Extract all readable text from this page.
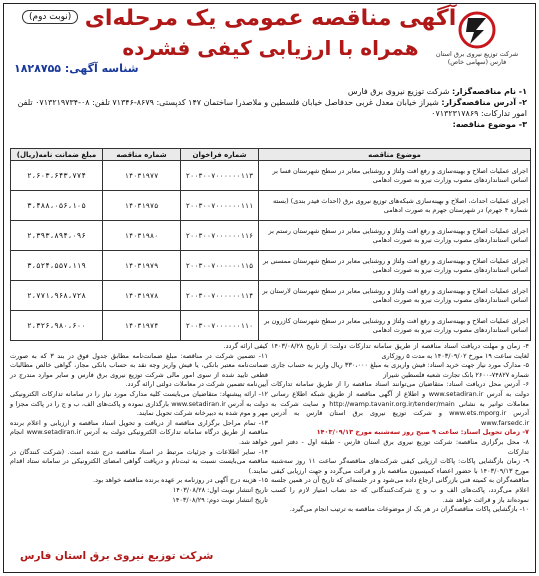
شرکت توزیع نیروی برق استان فارس (سهامی خاص)
آگهی مناقصه عمومی یک مرحله‌ای
همراه با ارزیابی کیفی فشرده
(نوبت دوم)
شناسه آگهی: ۱۸۲۸۷۵۵
۱- نام مناقصه‌گزار: شرکت توزیع نیروی برق فارس
۲- آدرس مناقصه‌گزار: شیراز خیابان معدل غربی حدفاصل خیابان فلسطین و ملاصدرا ساختمان ۱۴۷ کدپستی: ۸۶۷۹-۷۱۳۴۶ تلفن: ۰۸-۰۷۱۳۲۱۹۷۳۴ تلفن امور تدارکات: ۰۷۱۳۲۳۱۷۸۶۹
۳- موضوع مناقصه:
موضوع مناقصه	شماره فراخوان	شماره مناقصه	مبلغ ضمانت نامه(ریال)
اجرای عملیات اصلاح و بهینه‌سازی و رفع افت ولتاژ و روشنایی معابر در سطح شهرستان فسا بر اساس استانداردهای مصوب وزارت نیرو به صورت ادهامی	۲۰۰۳۰۰۷۰۰۰۰۰۰۱۱۳	۱۴۰۳۱۹۷۷	۲،۶۰۳،۶۴۳،۷۷۴
اجرای عملیات احداث، اصلاح و بهینه‌سازی شبکه‌های توزیع نیروی برق (احداث فیدر بندی) (بسته شماره ۴ جهرم) در شهرستان جهرم به صورت ادهامی	۲۰۰۳۰۰۷۰۰۰۰۰۰۱۱۱	۱۴۰۳۱۹۷۵	۳،۴۸۸،۰۵۶،۱۰۵
اجرای عملیات اصلاح و بهینه‌سازی و رفع افت ولتاژ و روشنایی معابر در سطح شهرستان رستم بر اساس استانداردهای مصوب وزارت نیرو به صورت ادهامی	۲۰۰۳۰۰۷۰۰۰۰۰۰۱۱۶	۱۴۰۳۱۹۸۰	۲،۳۹۳،۸۹۴،۰۹۶
اجرای عملیات اصلاح و بهینه‌سازی و رفع افت ولتاژ و روشنایی معابر در سطح شهرستان ممسنی بر اساس استانداردهای مصوب وزارت نیرو به صورت ادهامی	۲۰۰۳۰۰۷۰۰۰۰۰۰۱۱۵	۱۴۰۳۱۹۷۹	۳،۵۲۴،۵۵۷،۱۱۹
اجرای عملیات اصلاح و بهینه‌سازی و رفع افت ولتاژ و روشنایی معابر در سطح شهرستان لارستان بر اساس استانداردهای مصوب وزارت نیرو به صورت ادهامی	۲۰۰۳۰۰۷۰۰۰۰۰۰۱۱۴	۱۴۰۳۱۹۷۸	۲،۷۷۱،۹۶۸،۷۲۸
اجرای عملیات اصلاح و بهینه‌سازی و رفع افت ولتاژ و روشنایی معابر در سطح شهرستان کازرون بر اساس استانداردهای مصوب وزارت نیرو به صورت ادهامی	۲۰۰۳۰۰۷۰۰۰۰۰۰۱۱۰	۱۴۰۳۱۹۷۴	۲،۳۲۶،۹۸۰،۶۰۰

۴- زمان و مهلت دریافت اسناد مناقصه از طریق سامانه تدارکات دولت: از تاریخ ۱۴۰۳/۰۸/۲۸ لغایت ساعت ۱۹ مورخ ۱۴۰۳/۰۹/۰۲ به مدت ۵ روزکاری

۵- مدارک مورد نیاز جهت خرید اسناد: فیش واریزی به مبلغ ۳۳۰،۰۰۰ ریال واریز به حساب جاری شماره ۷۴۸۲۷-۲۶۰۰ بانک تجارت شعبه فلسطین شیراز

۶- آدرس محل دریافت اسناد: متقاضیان می‌توانند اسناد مناقصه را از طریق سامانه تدارکات دولت به آدرس www.setadiran.ir و اطلاع از آگهی مناقصه از طریق شبکه اطلاع رسانی معاملات توانیر به نشانی http://wamp.tavanir.org.ir/tender/main و سایت شرکت به آدرس www.ets.mporg.ir و شرکت توزیع نیروی برق استان فارس به آدرس www.farsedc.ir

۷- زمان تحویل اسناد: ساعت ۹ صبح روز سه‌شنبه مورخ ۱۴۰۳/۰۹/۱۳

۸- محل برگزاری مناقصه: شرکت توزیع نیروی برق استان فارس - طبقه اول - دفتر امور تدارکات

۹- زمان بازگشایی پاکات: پاکات ارزیابی کیفی شرکت‌های مناقصه‌گر ساعت ۱۱ روز سه‌شنبه مورخ ۱۴۰۳/۰۹/۱۳ با حضور اعضاء کمیسیون مناقصه باز و قرائت می‌گردد و جهت ارزیابی کیفی مناقصه‌گران به کمیته فنی بازرگانی ارجاع داده می‌شود و در جلسه‌ای که تاریخ آن در همین جلسه اعلام می‌گردد، پاکت‌های الف و ب و ج شرکت‌کنندگانی که حد نصاب امتیاز لازم را کسب نموده‌اند باز و قرائت خواهد شد.

۱۰- بازگشایی پاکات مناقصه‌گران در هر یک از موضوعات مناقصه به ترتیب انجام می‌گیرد.

کیفی ارائه گردد.

۱۱- تضمین شرکت در مناقصه: مبلغ ضمانت‌نامه مطابق جدول فوق در بند ۳ که به صورت ضمانت‌نامه معتبر بانکی، یا فیش واریز وجه نقد به حساب بانکی مجاز، گواهی خالص مطالبات قطعی تایید شده از سوی امور مالی شرکت توزیع نیروی برق فارس و سایر موارد مندرج در آیین‌نامه تضمین شرکت در معاملات دولتی ارائه گردد.

۱۲- ارائه پیشنهاد: متقاضیان می‌بایست کلیه مدارک مورد نیاز را در سامانه تدارکات الکترونیکی دولت به آدرس www.setadiran.ir بارگذاری نموده و پاکت‌های الف، ب و ج را در پاکت مجزا و مهر و موم شده به دبیرخانه شرکت تحویل نمایند.

۱۳- تمام مراحل برگزاری مناقصه از دریافت و تحویل اسناد مناقصه و ارزیابی و اعلام برنده مناقصه از طریق درگاه سامانه تدارکات الکترونیکی دولت به آدرس www.setadiran.ir انجام خواهد شد.

۱۴- سایر اطلاعات و جزئیات مرتبط در اسناد مناقصه درج شده است. (شرکت کنندگان در مناقصه می‌بایست نسبت به ثبت‌نام و دریافت گواهی امضای الکترونیکی در سامانه ستاد اقدام نمایند.)

۱۵- هزینه درج آگهی در روزنامه بر عهده برنده مناقصه خواهد بود.

تاریخ انتشار نوبت اول: ۱۴۰۳/۰۸/۲۸

تاریخ انتشار نوبت دوم: ۱۴۰۳/۰۸/۲۹

شرکت توزیع نیروی برق استان فارس
